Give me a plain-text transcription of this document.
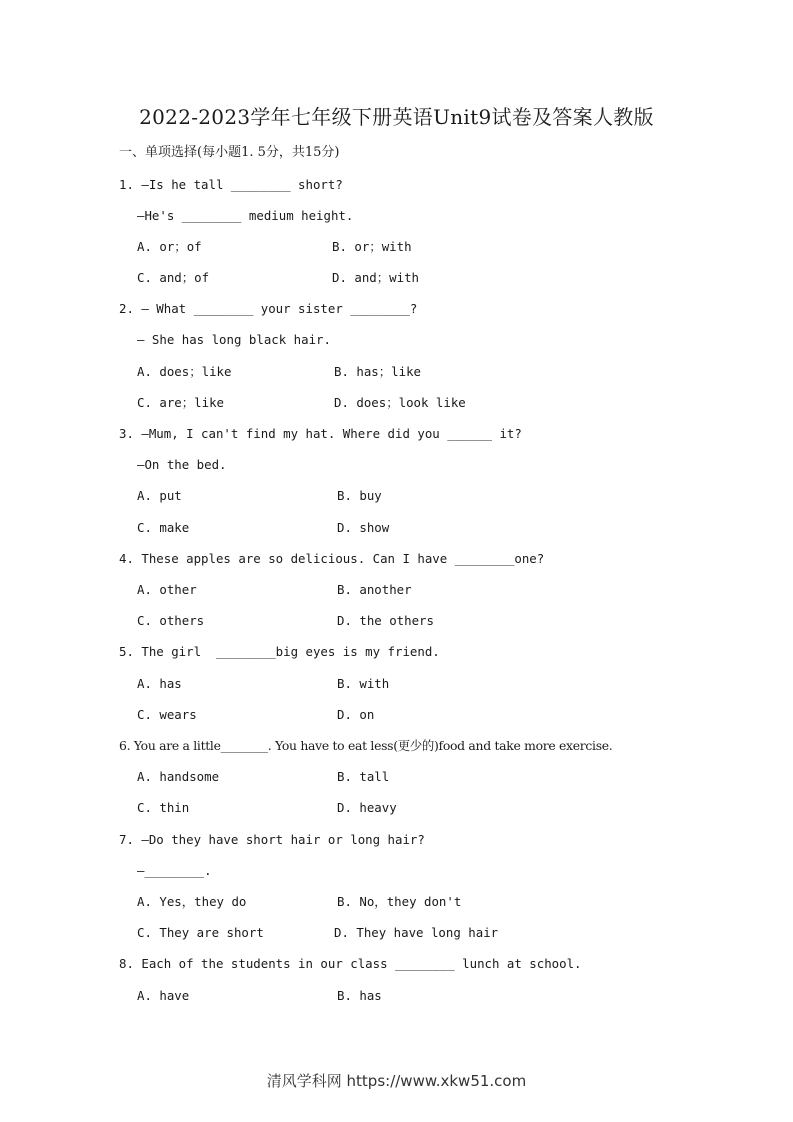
2022-2023学年七年级下册英语Unit9试卷及答案人教版
一、单项选择(每小题1. 5分，共15分)
1. —Is he tall ________ short?
—He's ________ medium height.
A. or；of	B. or；with
C. and；of	D. and；with
2. — What ________ your sister ________?
— She has long black hair.
A. does；like	B. has；like
C. are；like	D. does；look like
3. —Mum, I can't find my hat. Where did you ______ it?
—On the bed.
A. put	B. buy
C. make	D. show
4. These apples are so delicious. Can I have ________one?
A. other	B. another
C. others	D. the others
5. The girl  ________big eyes is my friend.
A. has	B. with
C. wears	D. on
6. You are a little________. You have to eat less(更少的)food and take more exercise.
A. handsome	B. tall
C. thin	D. heavy
7. —Do they have short hair or long hair?
—________.
A. Yes，they do	B. No，they don't
C. They are short	D. They have long hair
8. Each of the students in our class ________ lunch at school.
A. have	B. has
清风学科网 https://www.xkw51.com
